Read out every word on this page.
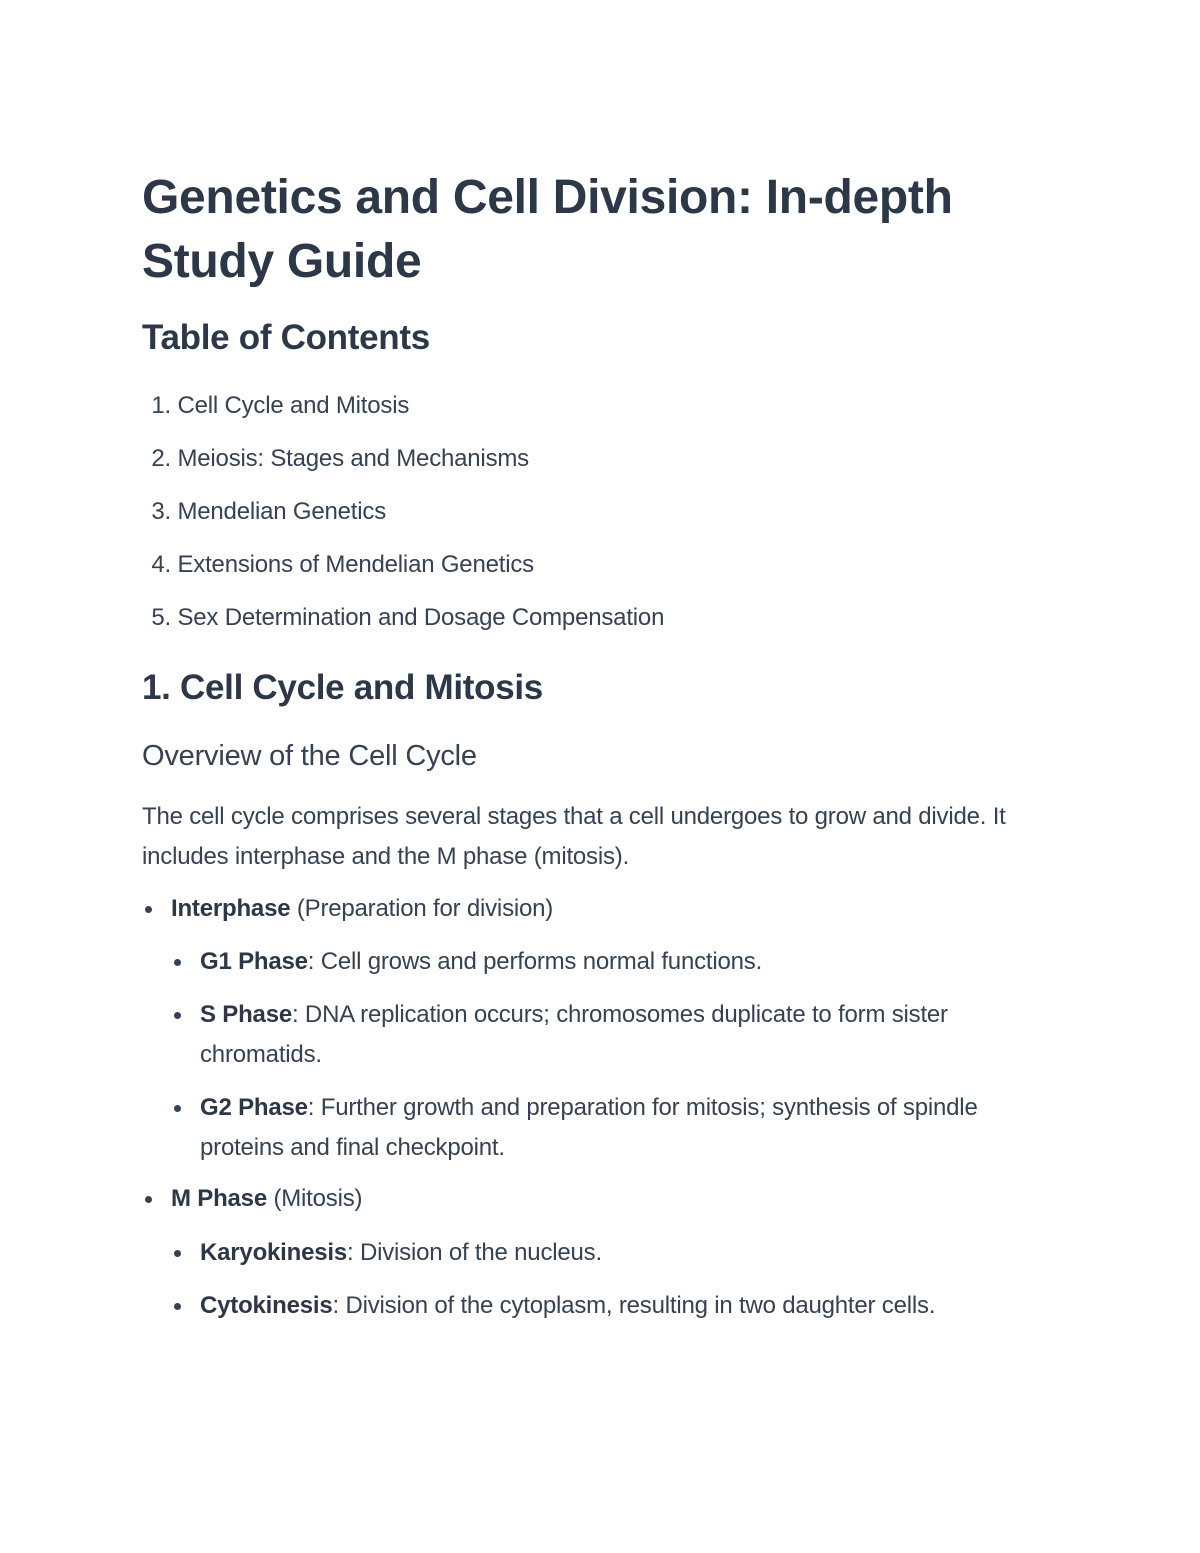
Genetics and Cell Division: In-depth Study Guide
Table of Contents
1. Cell Cycle and Mitosis
2. Meiosis: Stages and Mechanisms
3. Mendelian Genetics
4. Extensions of Mendelian Genetics
5. Sex Determination and Dosage Compensation
1. Cell Cycle and Mitosis
Overview of the Cell Cycle

The cell cycle comprises several stages that a cell undergoes to grow and divide. It includes interphase and the M phase (mitosis).

Interphase (Preparation for division)
G1 Phase: Cell grows and performs normal functions.
S Phase: DNA replication occurs; chromosomes duplicate to form sister chromatids.
G2 Phase: Further growth and preparation for mitosis; synthesis of spindle proteins and final checkpoint.
M Phase (Mitosis)
Karyokinesis: Division of the nucleus.
Cytokinesis: Division of the cytoplasm, resulting in two daughter cells.
